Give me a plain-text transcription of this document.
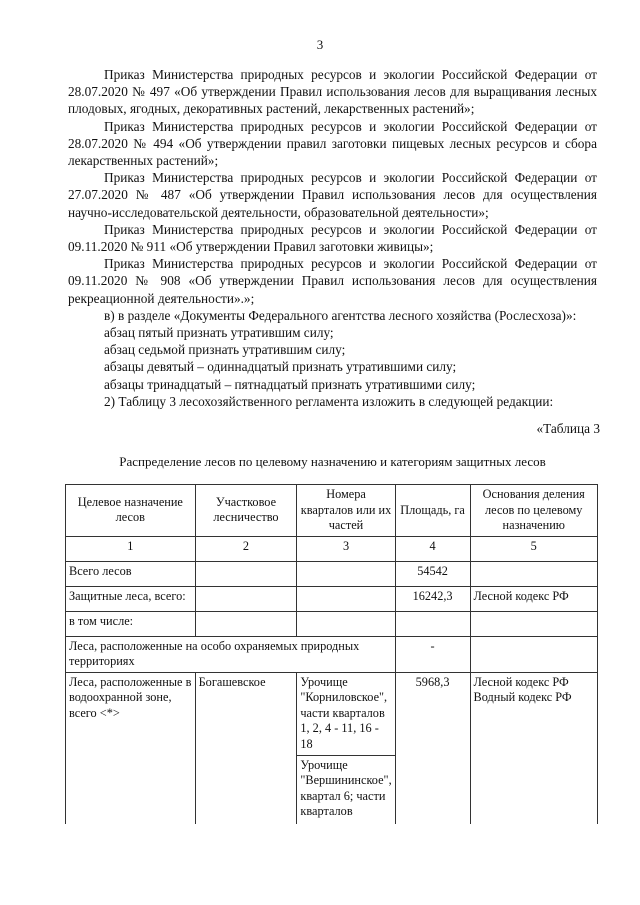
3

Приказ Министерства природных ресурсов и экологии Российской Федерации от 28.07.2020 № 497 «Об утверждении Правил использования лесов для выращивания лесных плодовых, ягодных, декоративных растений, лекарственных растений»;

Приказ Министерства природных ресурсов и экологии Российской Федерации от 28.07.2020 № 494 «Об утверждении правил заготовки пищевых лесных ресурсов и сбора лекарственных растений»;

Приказ Министерства природных ресурсов и экологии Российской Федерации от 27.07.2020 № 487 «Об утверждении Правил использования лесов для осуществления научно-исследовательской деятельности, образовательной деятельности»;

Приказ Министерства природных ресурсов и экологии Российской Федерации от 09.11.2020 № 911 «Об утверждении Правил заготовки живицы»;

Приказ Министерства природных ресурсов и экологии Российской Федерации от 09.11.2020 № 908 «Об утверждении Правил использования лесов для осуществления рекреационной деятельности».»;

в) в разделе «Документы Федерального агентства лесного хозяйства (Рослесхоза)»:

абзац пятый признать утратившим силу;

абзац седьмой признать утратившим силу;

абзацы девятый – одиннадцатый признать утратившими силу;

абзацы тринадцатый – пятнадцатый признать утратившими силу;

2) Таблицу 3 лесохозяйственного регламента изложить в следующей редакции:

«Таблица 3
Распределение лесов по целевому назначению и категориям защитных лесов
Целевое назначение лесов	Участковое лесничество	Номера кварталов или их частей	Площадь, га	Основания деления лесов по целевому назначению
1	2	3	4	5
Всего лесов			54542	
Защитные леса, всего:			16242,3	Лесной кодекс РФ
в том числе:				
Леса, расположенные на особо охраняемых природных территориях			-	
Леса, расположенные в водоохранной зоне, всего <*>	Богашевское	Урочище "Корниловское", части кварталов 1, 2, 4 - 11, 16 - 18	5968,3	Лесной кодекс РФ
Водный кодекс РФ

		Урочище "Вершининское", квартал 6; части кварталов		
